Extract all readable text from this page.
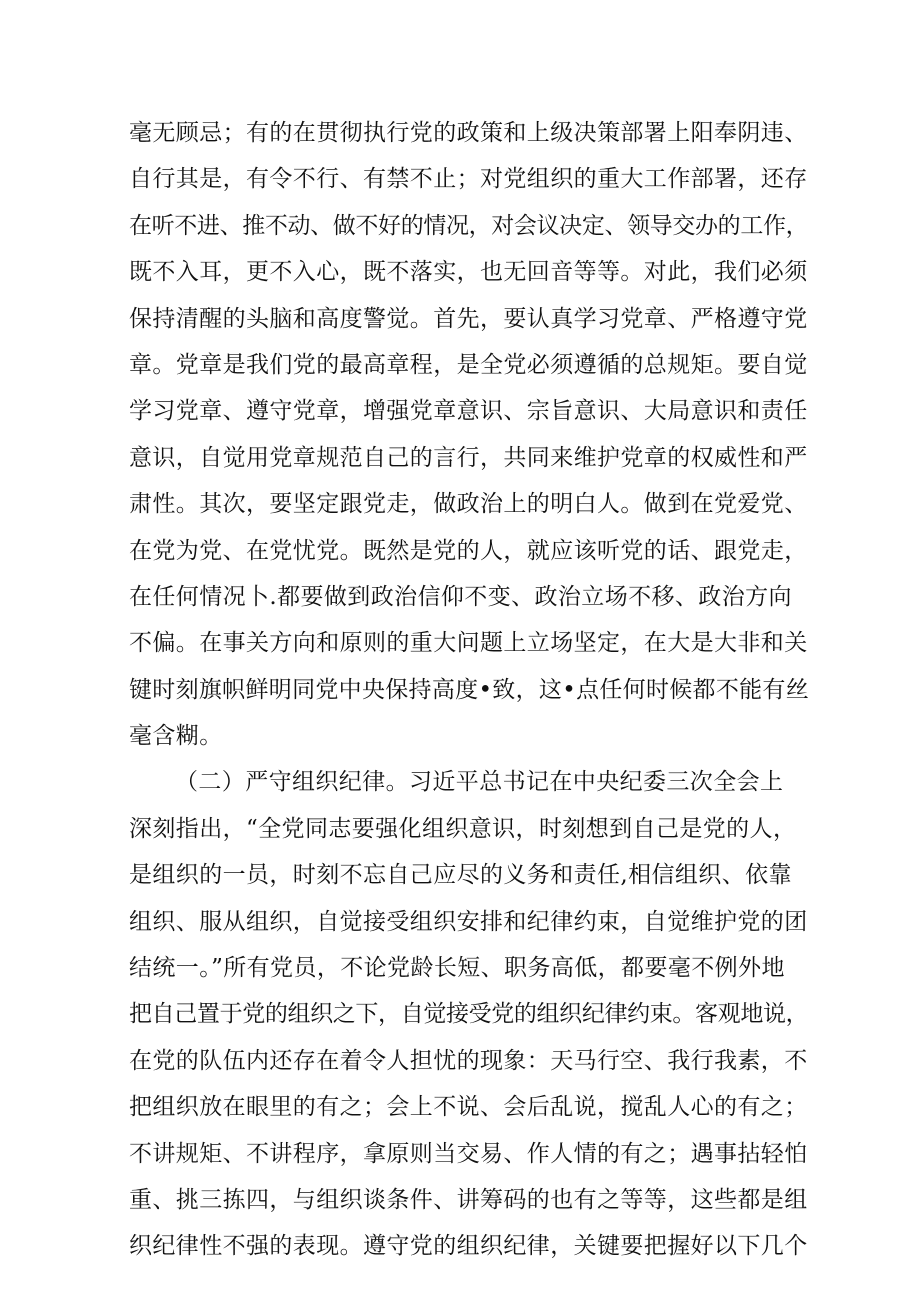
毫无顾忌；有的在贯彻执行党的政策和上级决策部署上阳奉阴违、
自行其是，有令不行、有禁不止；对党组织的重大工作部署，还存
在听不进、推不动、做不好的情况，对会议决定、领导交办的工作，
既不入耳，更不入心，既不落实，也无回音等等。对此，我们必须
保持清醒的头脑和高度警觉。首先，要认真学习党章、严格遵守党
章。党章是我们党的最高章程，是全党必须遵循的总规矩。要自觉
学习党章、遵守党章，增强党章意识、宗旨意识、大局意识和责任
意识，自觉用党章规范自己的言行，共同来维护党章的权威性和严
肃性。其次，要坚定跟党走，做政治上的明白人。做到在党爱党、
在党为党、在党忧党。既然是党的人，就应该听党的话、跟党走，
在任何情况卜.都要做到政治信仰不变、政治立场不移、政治方向
不偏。在事关方向和原则的重大问题上立场坚定，在大是大非和关
键时刻旗帜鲜明同党中央保持高度•致，这•点任何时候都不能有丝
毫含糊。
（二）严守组织纪律。习近平总书记在中央纪委三次全会上
深刻指出，“全党同志要强化组织意识，时刻想到自己是党的人，
是组织的一员，时刻不忘自己应尽的义务和责任,相信组织、依靠
组织、服从组织，自觉接受组织安排和纪律约束，自觉维护党的团
结统一。”所有党员，不论党龄长短、职务高低，都要毫不例外地
把自己置于党的组织之下，自觉接受党的组织纪律约束。客观地说，
在党的队伍内还存在着令人担忧的现象：天马行空、我行我素，不
把组织放在眼里的有之；会上不说、会后乱说，搅乱人心的有之；
不讲规矩、不讲程序，拿原则当交易、作人情的有之；遇事拈轻怕
重、挑三拣四，与组织谈条件、讲筹码的也有之等等，这些都是组
织纪律性不强的表现。遵守党的组织纪律，关键要把握好以下几个
